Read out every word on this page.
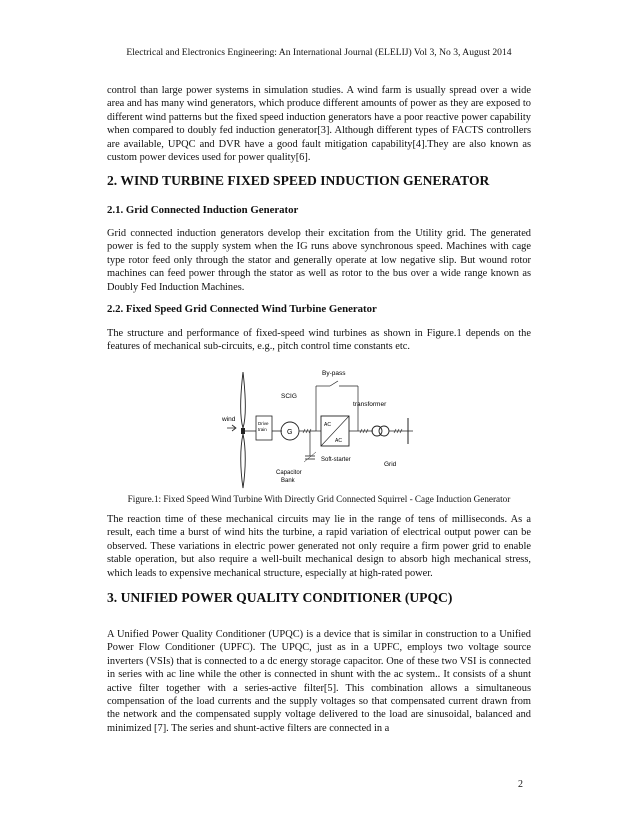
Electrical and Electronics Engineering: An International Journal (ELELIJ) Vol 3, No 3, August 2014

control than large power systems in simulation studies. A wind farm is usually spread over a wide area and has many wind generators, which produce different amounts of power as they are exposed to different wind patterns but the fixed speed induction generators have a poor reactive power capability when compared to doubly fed induction generator[3]. Although different types of FACTS controllers are available, UPQC and DVR have a good fault mitigation capability[4].They are also known as custom power devices used for power quality[6].

2. WIND TURBINE FIXED SPEED INDUCTION GENERATOR
2.1. Grid Connected Induction Generator

Grid connected induction generators develop their excitation from the Utility grid. The generated power is fed to the supply system when the IG runs above synchronous speed. Machines with cage type rotor feed only through the stator and generally operate at low negative slip. But wound rotor machines can feed power through the stator as well as rotor to the bus over a wide range known as Doubly Fed Induction Machines.

2.2. Fixed Speed Grid Connected Wind Turbine Generator

The structure and performance of fixed-speed wind turbines as shown in Figure.1 depends on the features of mechanical sub-circuits, e.g., pitch control time constants etc.

wind
Drive
train
SCIG
G
Capacitor
Bank
By-pass
AC
AC
Soft-starter
transformer
Grid

Figure.1: Fixed Speed Wind Turbine With Directly Grid Connected Squirrel - Cage Induction Generator

The reaction time of these mechanical circuits may lie in the range of tens of milliseconds. As a result, each time a burst of wind hits the turbine, a rapid variation of electrical output power can be observed. These variations in electric power generated not only require a firm power grid to enable stable operation, but also require a well-built mechanical design to absorb high mechanical stress, which leads to expensive mechanical structure, especially at high-rated power.

3. UNIFIED POWER QUALITY CONDITIONER (UPQC)

A Unified Power Quality Conditioner (UPQC) is a device that is similar in construction to a Unified Power Flow Conditioner (UPFC). The UPQC, just as in a UPFC, employs two voltage source inverters (VSIs) that is connected to a dc energy storage capacitor. One of these two VSI is connected in series with ac line while the other is connected in shunt with the ac system.. It consists of a shunt active filter together with a series-active filter[5]. This combination allows a simultaneous compensation of the load currents and the supply voltages so that compensated current drawn from the network and the compensated supply voltage delivered to the load are sinusoidal, balanced and minimized [7]. The series and shunt-active filters are connected in a

2
